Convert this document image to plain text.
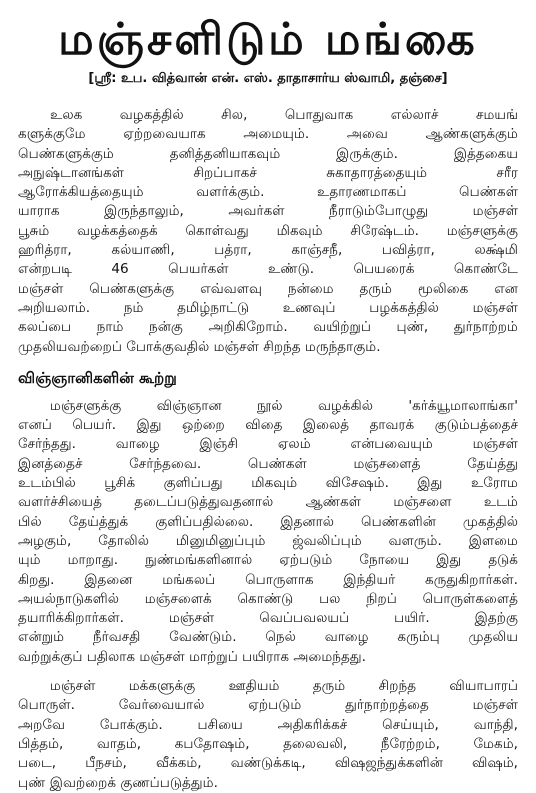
மஞ்சளிடும் மங்கை
[ஸ்ரீ: உப. வித்வான் என். எஸ். தாதாசார்ய ஸ்வாமி, தஞ்சை]
உலக வழகத்தில் சில, பொதுவாக எல்லாச் சமயங்
களுக்குமே ஏற்றவையாக அமையும். அவை ஆண்களுக்கும்
பெண்களுக்கும் தனித்தனியாகவும் இருக்கும். இத்தகைய
அநுஷ்டானங்கள் சிறப்பாகச் சுகாதாரத்தையும் சரீர
ஆரோக்கியத்தையும் வளர்க்கும். உதாரணமாகப் பெண்கள்
யாராக இருந்தாலும், அவர்கள் நீராடும்போழுது மஞ்சள்
பூசும் வழக்கத்தைக் கொள்வது மிகவும் சிரேஷ்டம். மஞ்சளுக்கு
ஹரித்ரா, கல்யாணி, பத்ரா, காஞ்சநீ, பவித்ரா, லக்ஷ்மி
என்றபடி 46 பெயர்கள் உண்டு. பெயரைக் கொண்டே
மஞ்சள் பெண்களுக்கு எவ்வளவு நன்மை தரும் மூலிகை என
அறியலாம். நம் தமிழ்நாட்டு உணவுப் பழக்கத்தில் மஞ்சள்
கலப்பை நாம் நன்கு அறிகிறோம். வயிற்றுப் புண், துர்நாற்றம்
முதலியவற்றைப் போக்குவதில் மஞ்சள் சிறந்த மருந்தாகும்.
விஞ்ஞானிகளின் கூற்று
மஞ்சளுக்கு விஞ்ஞான நூல் வழக்கில் 'கர்க்யூமாலாங்கா'
எனப் பெயர். இது ஒற்றை விதை இலைத் தாவரக் குடும்பத்தைச்
சேர்ந்தது. வாழை இஞ்சி ஏலம் என்பவையும் மஞ்சள்
இனத்தைச் சேர்ந்தவை. பெண்கள் மஞ்சளைத் தேய்த்து
உடம்பில் பூசிக் குளிப்பது மிகவும் விசேஷம். இது உரோம
வளர்ச்சியைத் தடைப்படுத்துவதனால் ஆண்கள் மஞ்சளை உடம்
பில் தேய்த்துக் குளிப்பதில்லை. இதனால் பெண்களின் முகத்தில்
அழகும், தோலில் மினுமினுப்பும் ஜ்வலிப்பும் வளரும். இளமை
யும் மாறாது. நுண்மங்களினால் ஏற்படும் நோயை இது தடுக்
கிறது. இதனை மங்கலப் பொருளாக இந்தியர் கருதுகிறார்கள்.
அயல்நாடுகளில் மஞ்சளைக் கொண்டு பல நிறப் பொருள்களைத்
தயாரிக்கிறார்கள். மஞ்சள் வெப்பவலயப் பயிர். இதற்கு
என்றும் நீர்வசதி வேண்டும். நெல் வாழை கரும்பு முதலிய
வற்றுக்குப் பதிலாக மஞ்சள் மாற்றுப் பயிராக அமைந்தது.
மஞ்சள் மக்களுக்கு ஊதியம் தரும் சிறந்த வியாபாரப்
பொருள். வேர்வையால் ஏற்படும் துர்நாற்றத்தை மஞ்சள்
அறவே போக்கும். பசியை அதிகரிக்கச் செய்யும், வாந்தி,
பித்தம், வாதம், கபதோஷம், தலைவலி, நீரேற்றம், மேகம்,
படை, பீநசம், வீக்கம், வண்டுக்கடி, விஷஜந்துக்களின் விஷம்,
புண் இவற்றைக் குணப்படுத்தும்.
